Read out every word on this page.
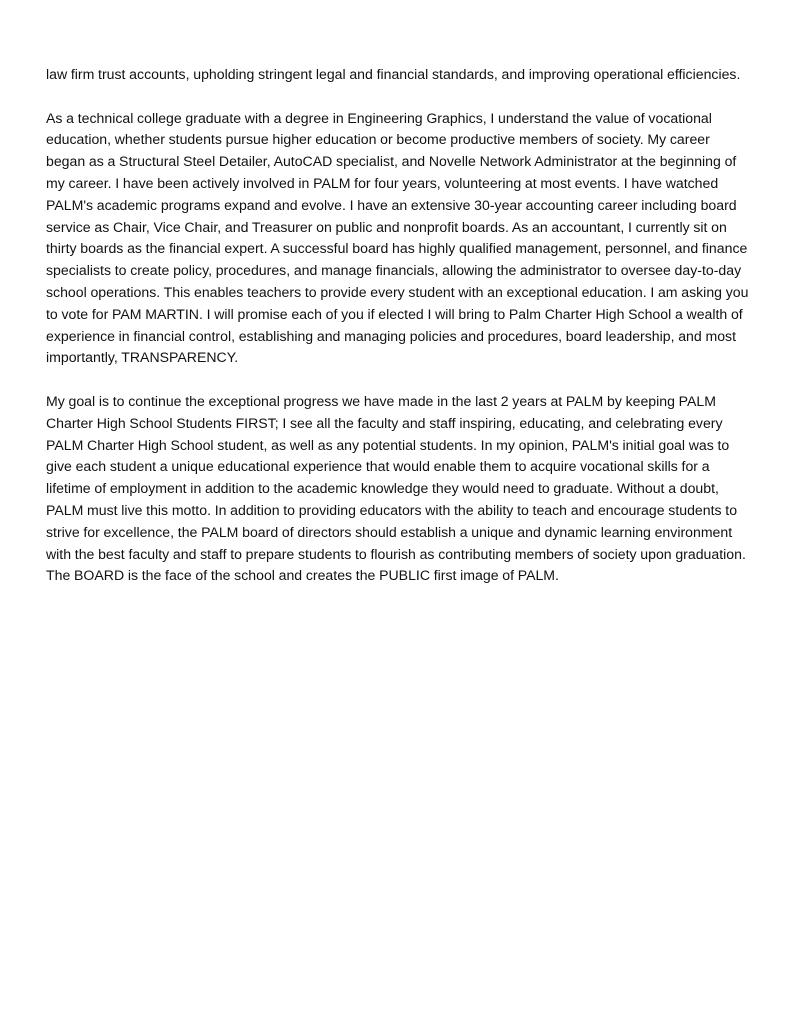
law firm trust accounts, upholding stringent legal and financial standards, and improving operational efficiencies.

As a technical college graduate with a degree in Engineering Graphics, I understand the value of vocational education, whether students pursue higher education or become productive members of society. My career began as a Structural Steel Detailer, AutoCAD specialist, and Novelle Network Administrator at the beginning of my career. I have been actively involved in PALM for four years, volunteering at most events. I have watched PALM's academic programs expand and evolve. I have an extensive 30-year accounting career including board service as Chair, Vice Chair, and Treasurer on public and nonprofit boards. As an accountant, I currently sit on thirty boards as the financial expert. A successful board has highly qualified management, personnel, and finance specialists to create policy, procedures, and manage financials, allowing the administrator to oversee day-to-day school operations. This enables teachers to provide every student with an exceptional education. I am asking you to vote for PAM MARTIN. I will promise each of you if elected I will bring to Palm Charter High School a wealth of experience in financial control, establishing and managing policies and procedures, board leadership, and most importantly, TRANSPARENCY.

My goal is to continue the exceptional progress we have made in the last 2 years at PALM by keeping PALM Charter High School Students FIRST; I see all the faculty and staff inspiring, educating, and celebrating every PALM Charter High School student, as well as any potential students. In my opinion, PALM's initial goal was to give each student a unique educational experience that would enable them to acquire vocational skills for a lifetime of employment in addition to the academic knowledge they would need to graduate. Without a doubt, PALM must live this motto. In addition to providing educators with the ability to teach and encourage students to strive for excellence, the PALM board of directors should establish a unique and dynamic learning environment with the best faculty and staff to prepare students to flourish as contributing members of society upon graduation. The BOARD is the face of the school and creates the PUBLIC first image of PALM.
